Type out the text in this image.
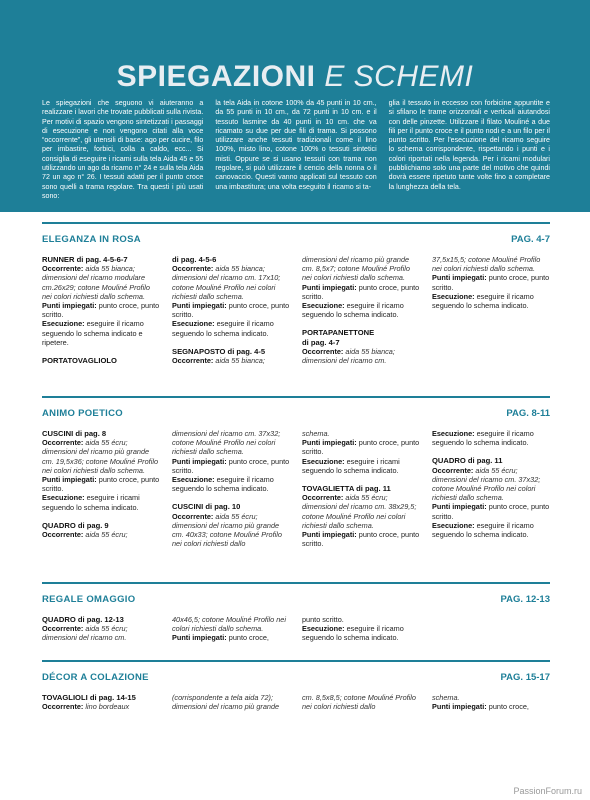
SPIEGAZIONI E SCHEMI
Le spiegazioni che seguono vi aiuteranno a realizzare i lavori che trovate pubblicati sulla rivista. Per motivi di spazio vengono sintetizzati i passaggi di esecuzione e non vengono citati alla voce “occorrente”, gli utensili di base: ago per cucire, filo per imbastire, forbici, colla a caldo, ecc... Si consiglia di eseguire i ricami sulla tela Aida 45 e 55 utilizzando un ago da ricamo n° 24 e sulla tela Aida 72 un ago n° 26. I tessuti adatti per il punto croce sono quelli a trama regolare. Tra questi i più usati sono:
la tela Aida in cotone 100% da 45 punti in 10 cm., da 55 punti in 10 cm., da 72 punti in 10 cm. e il tessuto lasmine da 40 punti in 10 cm. che va ricamato su due per due fili di trama. Si possono utilizzare anche tessuti tradizionali come il lino 100%, misto lino, cotone 100% o tessuti sintetici misti. Oppure se si usano tessuti con trama non regolare, si può utilizzare il cencio della nonna o il canovaccio. Questi vanno applicati sul tessuto con una imbastitura; una volta eseguito il ricamo si ta-
glia il tessuto in eccesso con forbicine appuntite e si sfilano le trame orizzontali e verticali aiutandosi con delle pinzette. Utilizzare il filato Mouliné a due fili per il punto croce e il punto nodi e a un filo per il punto scritto. Per l'esecuzione del ricamo seguire lo schema corrispondente, rispettando i punti e i colori riportati nella legenda. Per i ricami modulari pubblichiamo solo una parte del motivo che quindi dovrà essere ripetuto tante volte fino a completare la lunghezza della tela.
ELEGANZA IN ROSA	PAG. 4-7
RUNNER di pag. 4-5-6-7
Occorrente: aida 55 bianca; dimensioni del ricamo modulare cm.26x29; cotone Mouliné Profilo nei colori richiesti dallo schema.
Punti impiegati: punto croce, punto scritto.
Esecuzione: eseguire il ricamo seguendo lo schema indicato e ripetere.
PORTATOVAGLIOLO
di pag. 4-5-6
Occorrente: aida 55 bianca; dimensioni del ricamo cm. 17x10; cotone Mouliné Profilo nei colori richiesti dallo schema.
Punti impiegati: punto croce, punto scritto.
Esecuzione: eseguire il ricamo seguendo lo schema indicato.
SEGNAPOSTO di pag. 4-5
Occorrente: aida 55 bianca;
dimensioni del ricamo più grande cm. 8,5x7; cotone Mouliné Profilo nei colori richiesti dallo schema.
Punti impiegati: punto croce, punto scritto.
Esecuzione: eseguire il ricamo seguendo lo schema indicato.
PORTAPANETTONE
di pag. 4-7
Occorrente: aida 55 bianca; dimensioni del ricamo cm.
37,5x15,5; cotone Mouliné Profilo nei colori richiesti dallo schema.
Punti impiegati: punto croce, punto scritto.
Esecuzione: eseguire il ricamo seguendo lo schema indicato.
ANIMO POETICO	PAG. 8-11
CUSCINI di pag. 8
Occorrente: aida 55 écru; dimensioni del ricamo più grande cm. 19,5x36; cotone Mouliné Profilo nei colori richiesti dallo schema.
Punti impiegati: punto croce, punto scritto.
Esecuzione: eseguire i ricami seguendo lo schema indicato.
QUADRO di pag. 9
Occorrente: aida 55 écru;
dimensioni del ricamo cm. 37x32; cotone Mouliné Profilo nei colori richiesti dallo schema.
Punti impiegati: punto croce, punto scritto.
Esecuzione: eseguire il ricamo seguendo lo schema indicato.
CUSCINI di pag. 10
Occorrente: aida 55 écru; dimensioni del ricamo più grande cm. 40x33; cotone Mouliné Profilo nei colori richiesti dallo
schema.
Punti impiegati: punto croce, punto scritto.
Esecuzione: eseguire i ricami seguendo lo schema indicato.
TOVAGLIETTA di pag. 11
Occorrente: aida 55 écru; dimensioni del ricamo cm. 38x29,5; cotone Mouliné Profilo nei colori richiesti dallo schema.
Punti impiegati: punto croce, punto scritto.
Esecuzione: eseguire il ricamo seguendo lo schema indicato.
QUADRO di pag. 11
Occorrente: aida 55 écru; dimensioni del ricamo cm. 37x32; cotone Mouliné Profilo nei colori richiesti dallo schema.
Punti impiegati: punto croce, punto scritto.
Esecuzione: eseguire il ricamo seguendo lo schema indicato.
REGALE OMAGGIO	PAG. 12-13
QUADRO di pag. 12-13
Occorrente: aida 55 écru; dimensioni del ricamo cm.
40x46,5; cotone Mouliné Profilo nei colori richiesti dallo schema.
Punti impiegati: punto croce,
punto scritto.
Esecuzione: eseguire il ricamo seguendo lo schema indicato.
DÉCOR A COLAZIONE	PAG. 15-17
TOVAGLIOLI di pag. 14-15
Occorrente: lino bordeaux
(corrispondente a tela aida 72); dimensioni del ricamo più grande
cm. 8,5x8,5; cotone Mouliné Profilo nei colori richiesti dallo
schema.
Punti impiegati: punto croce,
PassionForum.ru
